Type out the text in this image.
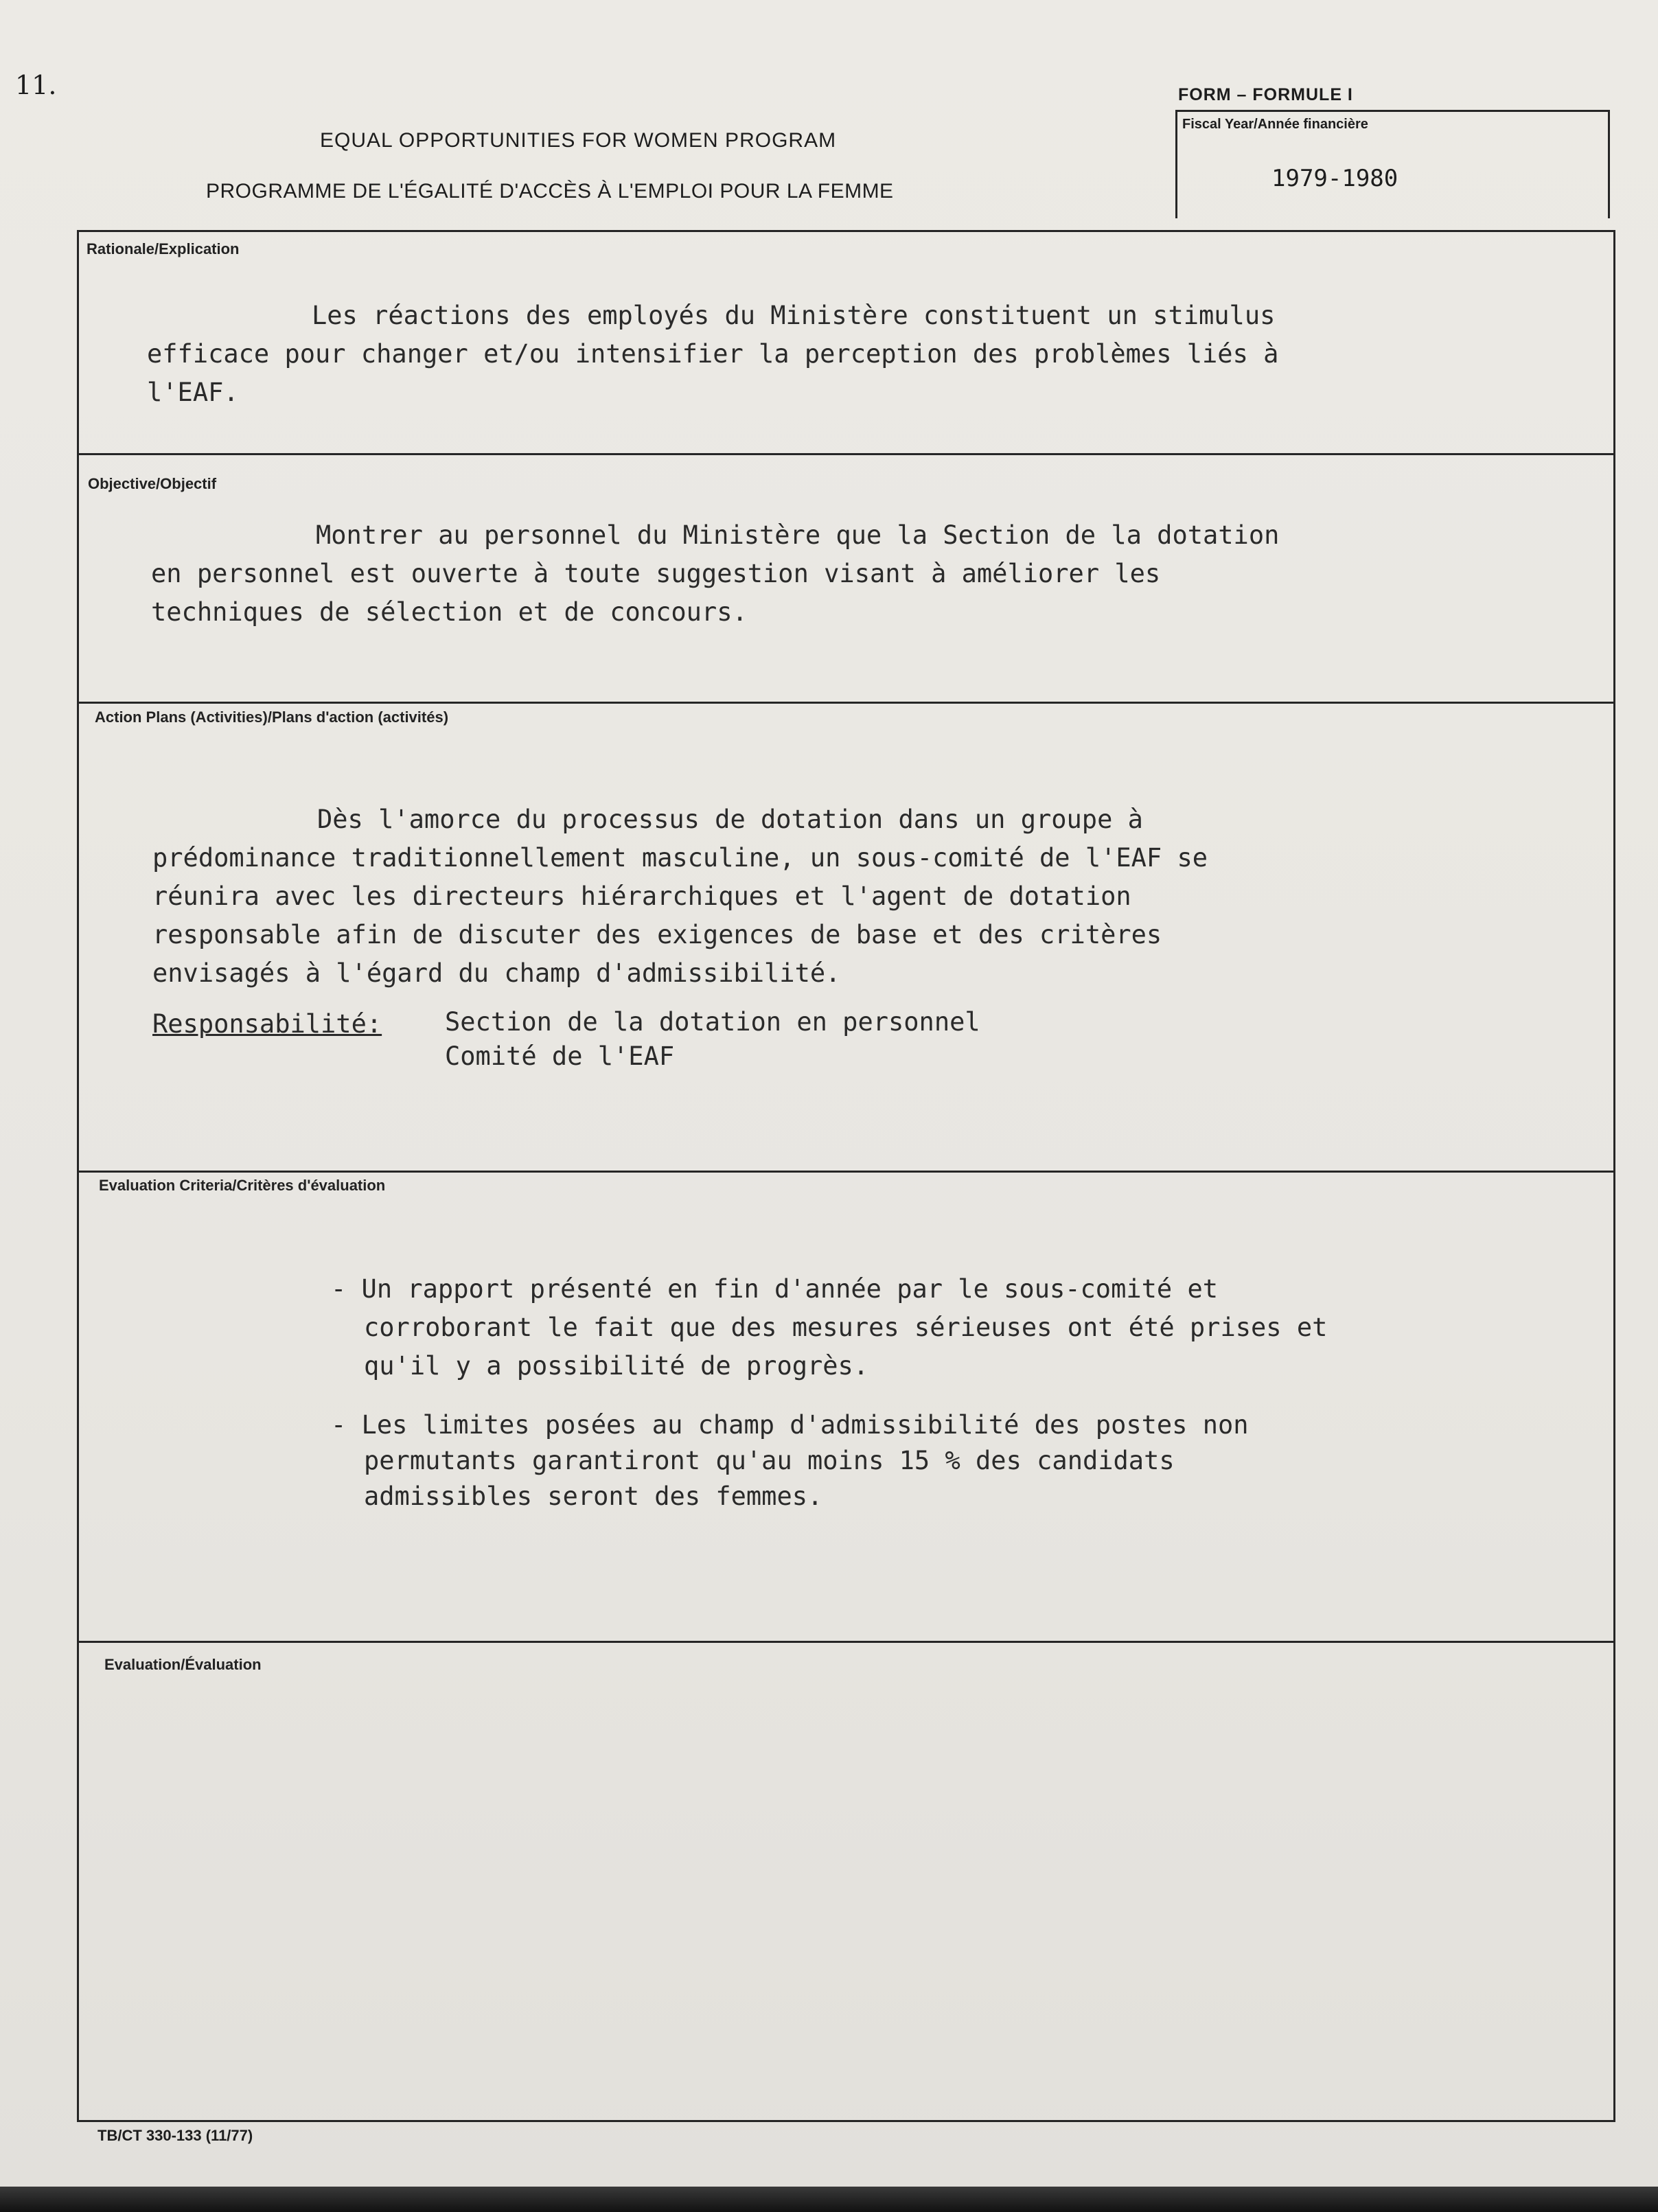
11.	FORM – FORMULE I
Fiscal Year/Année financière
1979-1980
EQUAL OPPORTUNITIES FOR WOMEN PROGRAM
PROGRAMME DE L'ÉGALITÉ D'ACCÈS À L'EMPLOI POUR LA FEMME
Rationale/Explication

Les réactions des employés du Ministère constituent un stimulus

efficace pour changer et/ou intensifier la perception des problèmes liés à

l'EAF.

Objective/Objectif

Montrer au personnel du Ministère que la Section de la dotation

en personnel est ouverte à toute suggestion visant à améliorer les

techniques de sélection et de concours.

Action Plans (Activities)/Plans d'action (activités)

Dès l'amorce du processus de dotation dans un groupe à

prédominance traditionnellement masculine, un sous-comité de l'EAF se

réunira avec les directeurs hiérarchiques et l'agent de dotation

responsable afin de discuter des exigences de base et des critères

envisagés à l'égard du champ d'admissibilité.

Responsabilité: Section de la dotation en personnel

Comité de l'EAF

Evaluation Criteria/Critères d'évaluation

- Un rapport présenté en fin d'année par le sous-comité et

corroborant le fait que des mesures sérieuses ont été prises et

qu'il y a possibilité de progrès.

- Les limites posées au champ d'admissibilité des postes non

permutants garantiront qu'au moins 15 % des candidats

admissibles seront des femmes.

Evaluation/Évaluation
TB/CT 330-133 (11/77)
